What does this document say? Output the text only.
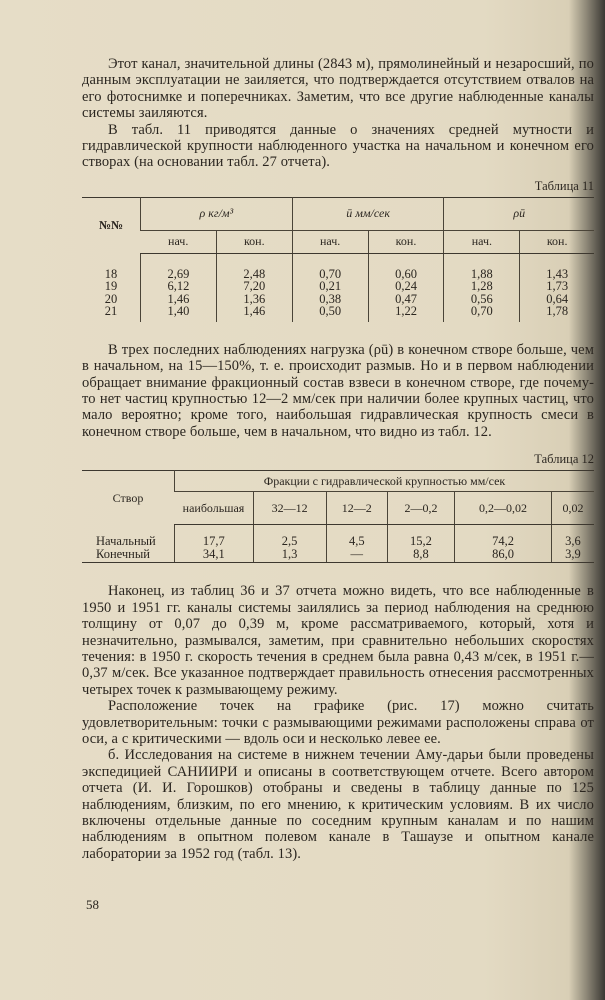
Этот канал, значительной длины (2843 м), прямолинейный и незаросший, по данным эксплуатации не заиляется, что подтверждается отсутствием отвалов на его фотоснимке и поперечниках. Заметим, что все другие наблюденные каналы системы заиляются.

В табл. 11 приводятся данные о значениях средней мутности и гидравлической крупности наблюденного участка на начальном и конечном его створах (на основании табл. 27 отчета).

Таблица 11

№№	ρ кг/м³		ū мм/сек		ρū	
	нач.	кон.	нач.	кон.	нач.	кон.

18	2,69	2,48	0,70	0,60	1,88	1,43
19	6,12	7,20	0,21	0,24	1,28	1,73
20	1,46	1,36	0,38	0,47	0,56	0,64
21	1,40	1,46	0,50	1,22	0,70	1,78

В трех последних наблюдениях нагрузка (ρū) в конечном створе больше, чем в начальном, на 15—150%, т. е. происходит размыв. Но и в первом наблюдении обращает внимание фракционный состав взвеси в конечном створе, где почему-то нет частиц крупностью 12—2 мм/сек при наличии более крупных частиц, что мало вероятно; кроме того, наибольшая гидравлическая крупность смеси в конечном створе больше, чем в начальном, что видно из табл. 12.

Таблица 12

Створ	Фракции с гидравлической крупностью мм/сек					
	наибольшая	32—12	12—2	2—0,2	0,2—0,02	0,02

Начальный	17,7	2,5	4,5	15,2	74,2	3,6
Конечный	34,1	1,3	—	8,8	86,0	3,9

Наконец, из таблиц 36 и 37 отчета можно видеть, что все наблюденные в 1950 и 1951 гг. каналы системы заилялись за период наблюдения на среднюю толщину от 0,07 до 0,39 м, кроме рассматриваемого, который, хотя и незначительно, размывался, заметим, при сравнительно небольших скоростях течения: в 1950 г. скорость течения в среднем была равна 0,43 м/сек, в 1951 г.— 0,37 м/сек. Все указанное подтверждает правильность отнесения рассмотренных четырех точек к размывающему режиму.

Расположение точек на графике (рис. 17) можно считать удовлетворительным: точки с размывающими режимами расположены справа от оси, а с критическими — вдоль оси и несколько левее ее.

б. Исследования на системе в нижнем течении Аму-дарьи были проведены экспедицией САНИИРИ и описаны в соответствующем отчете. Всего автором отчета (И. И. Горошков) отобраны и сведены в таблицу данные по 125 наблюдениям, близким, по его мнению, к критическим условиям. В их число включены отдельные данные по соседним крупным каналам и по нашим наблюдениям в опытном полевом канале в Ташаузе и опытном канале лаборатории за 1952 год (табл. 13).

58
